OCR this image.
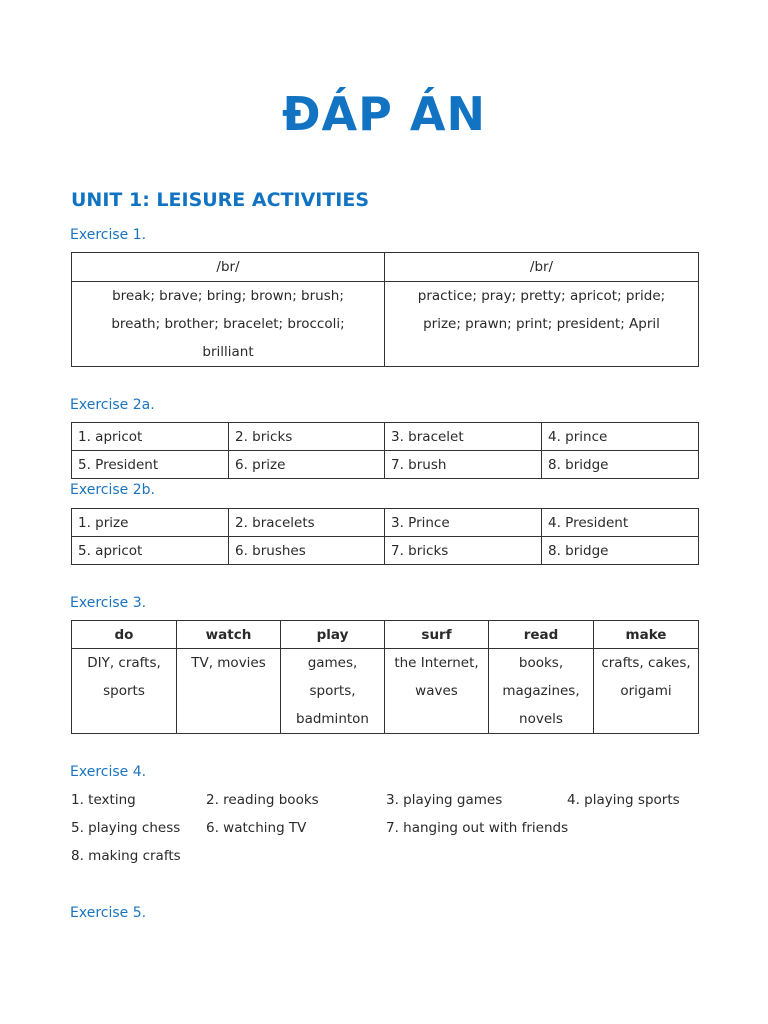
ĐÁP ÁN
UNIT 1: LEISURE ACTIVITIES
Exercise 1.
/br/	/br/
break; brave; bring; brown; brush; breath; brother; bracelet; broccoli; brilliant	practice; pray; pretty; apricot; pride; prize; prawn; print; president; April
Exercise 2a.
1. apricot	2. bricks	3. bracelet	4. prince
5. President	6. prize	7. brush	8. bridge
Exercise 2b.
1. prize	2. bracelets	3. Prince	4. President
5. apricot	6. brushes	7. bricks	8. bridge
Exercise 3.
do	watch	play	surf	read	make
DIY, crafts, sports	TV, movies	games, sports, badminton	the Internet, waves	books, magazines, novels	crafts, cakes, origami
Exercise 4.
1. texting	2. reading books	3. playing games	4. playing sports
5. playing chess 6. watching TV	7. hanging out with friends
8. making crafts
Exercise 5.
